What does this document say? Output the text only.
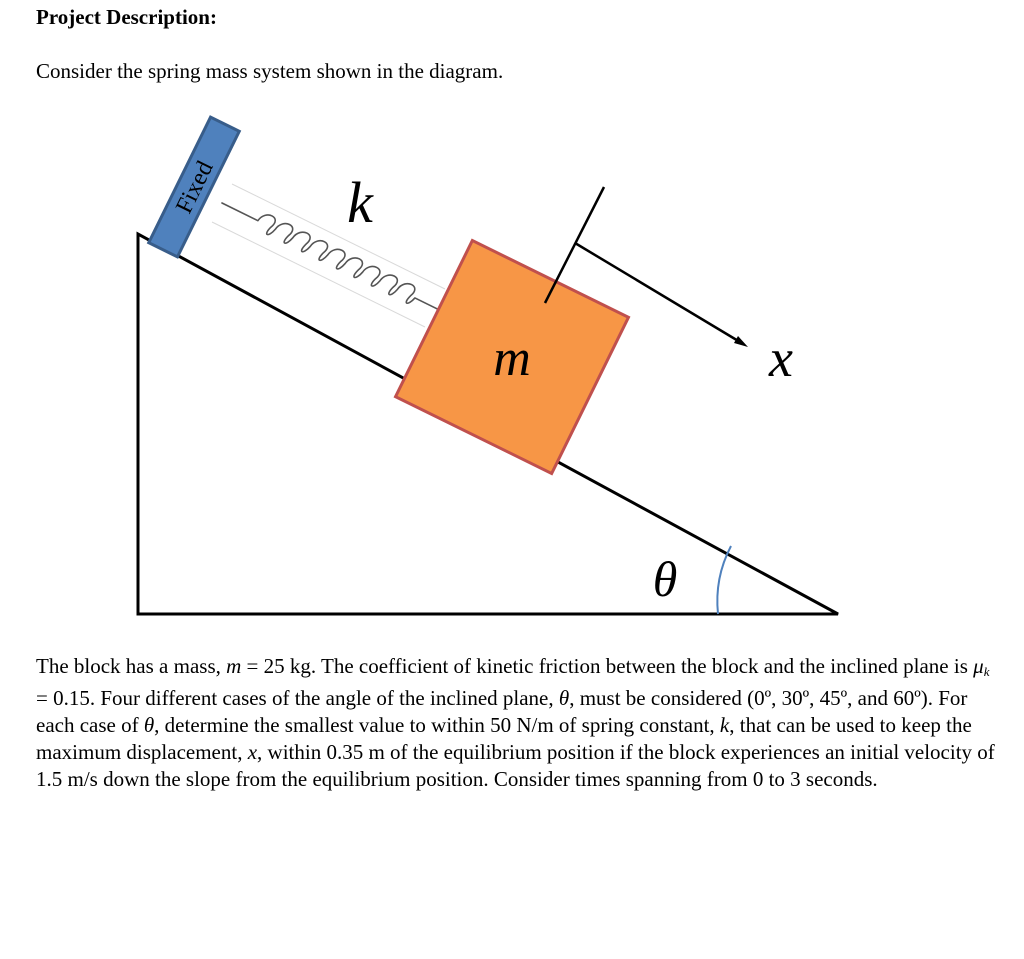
Project Description:

Consider the spring mass system shown in the diagram.

Fixed
m
k
x
θ

The block has a mass, m = 25 kg. The coefficient of kinetic friction between the block and the inclined plane is $\mu_k = 0.15$. Four different cases of the angle of the inclined plane, θ, must be considered (0º, 30º, 45º, and 60º). For each case of θ, determine the smallest value to within 50 N/m of spring constant, k, that can be used to keep the maximum displacement, x, within 0.35 m of the equilibrium position if the block experiences an initial velocity of 1.5 m/s down the slope from the equilibrium position. Consider times spanning from 0 to 3 seconds.
